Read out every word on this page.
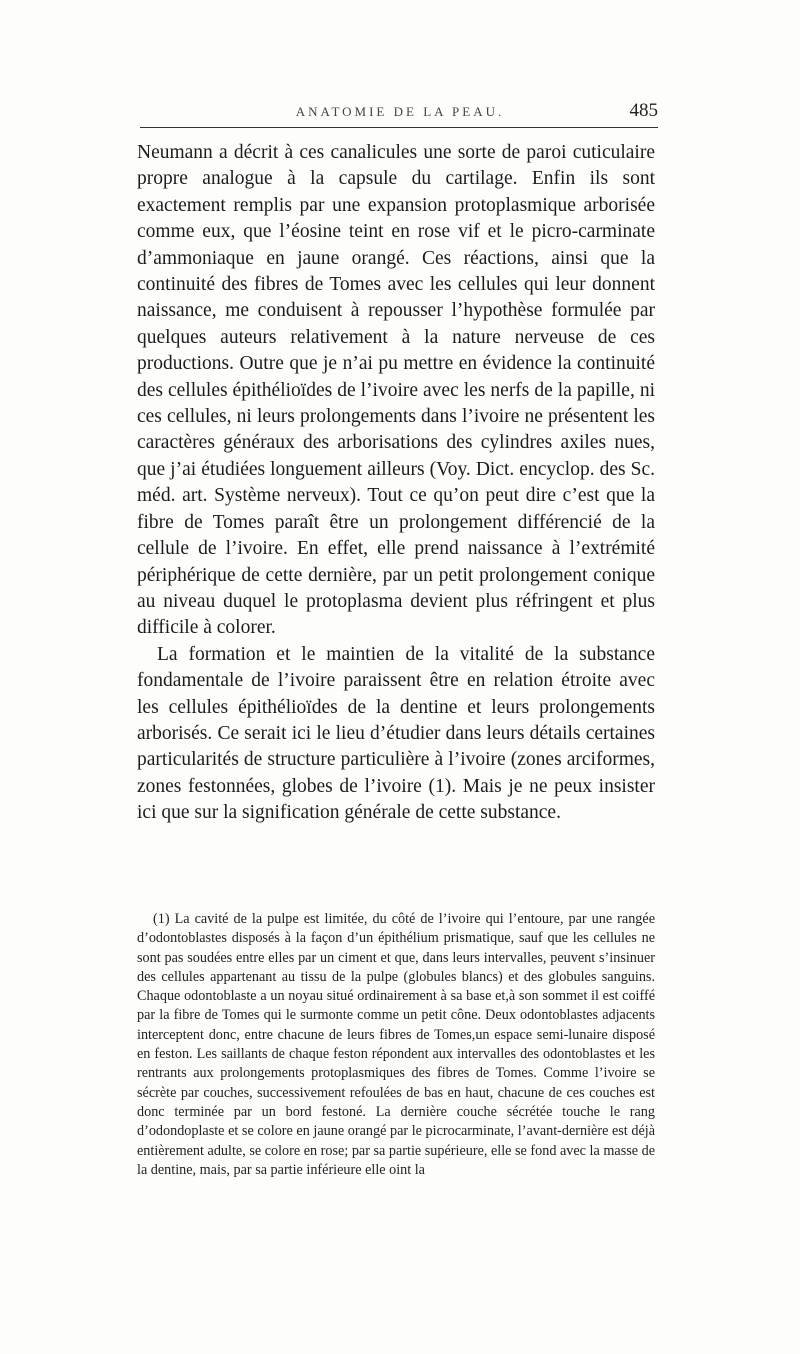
ANATOMIE DE LA PEAU.	485

Neumann a décrit à ces canalicules une sorte de paroi cuticulaire propre analogue à la capsule du cartilage. Enfin ils sont exactement remplis par une expansion protoplasmique arborisée comme eux, que l’éosine teint en rose vif et le picro-carminate d’ammoniaque en jaune orangé. Ces réactions, ainsi que la continuité des fibres de Tomes avec les cellules qui leur donnent naissance, me conduisent à repousser l’hypothèse formulée par quelques auteurs relativement à la nature nerveuse de ces productions. Outre que je n’ai pu mettre en évidence la continuité des cellules épithélioïdes de l’ivoire avec les nerfs de la papille, ni ces cellules, ni leurs prolongements dans l’ivoire ne présentent les caractères généraux des arborisations des cylindres axiles nues, que j’ai étudiées longuement ailleurs (Voy. Dict. encyclop. des Sc. méd. art. Système nerveux). Tout ce qu’on peut dire c’est que la fibre de Tomes paraît être un prolongement différencié de la cellule de l’ivoire. En effet, elle prend naissance à l’extrémité périphérique de cette dernière, par un petit prolongement conique au niveau duquel le protoplasma devient plus réfringent et plus difficile à colorer.

La formation et le maintien de la vitalité de la substance fondamentale de l’ivoire paraissent être en relation étroite avec les cellules épithélioïdes de la dentine et leurs prolongements arborisés. Ce serait ici le lieu d’étudier dans leurs détails certaines particularités de structure particulière à l’ivoire (zones arciformes, zones festonnées, globes de l’ivoire (1). Mais je ne peux insister ici que sur la signification générale de cette substance.

(1) La cavité de la pulpe est limitée, du côté de l’ivoire qui l’entoure, par une rangée d’odontoblastes disposés à la façon d’un épithélium prismatique, sauf que les cellules ne sont pas soudées entre elles par un ciment et que, dans leurs intervalles, peuvent s’insinuer des cellules appartenant au tissu de la pulpe (globules blancs) et des globules sanguins. Chaque odontoblaste a un noyau situé ordinairement à sa base et,à son sommet il est coiffé par la fibre de Tomes qui le surmonte comme un petit cône. Deux odontoblastes adjacents interceptent donc, entre chacune de leurs fibres de Tomes,un espace semi-lunaire disposé en feston. Les saillants de chaque feston répondent aux intervalles des odontoblastes et les rentrants aux prolongements protoplasmiques des fibres de Tomes. Comme l’ivoire se sécrète par couches, successivement refoulées de bas en haut, chacune de ces couches est donc terminée par un bord festoné. La dernière couche sécrétée touche le rang d’odondoplaste et se colore en jaune orangé par le picrocarminate, l’avant-dernière est déjà entièrement adulte, se colore en rose; par sa partie supérieure, elle se fond avec la masse de la dentine, mais, par sa partie inférieure elle oint la
